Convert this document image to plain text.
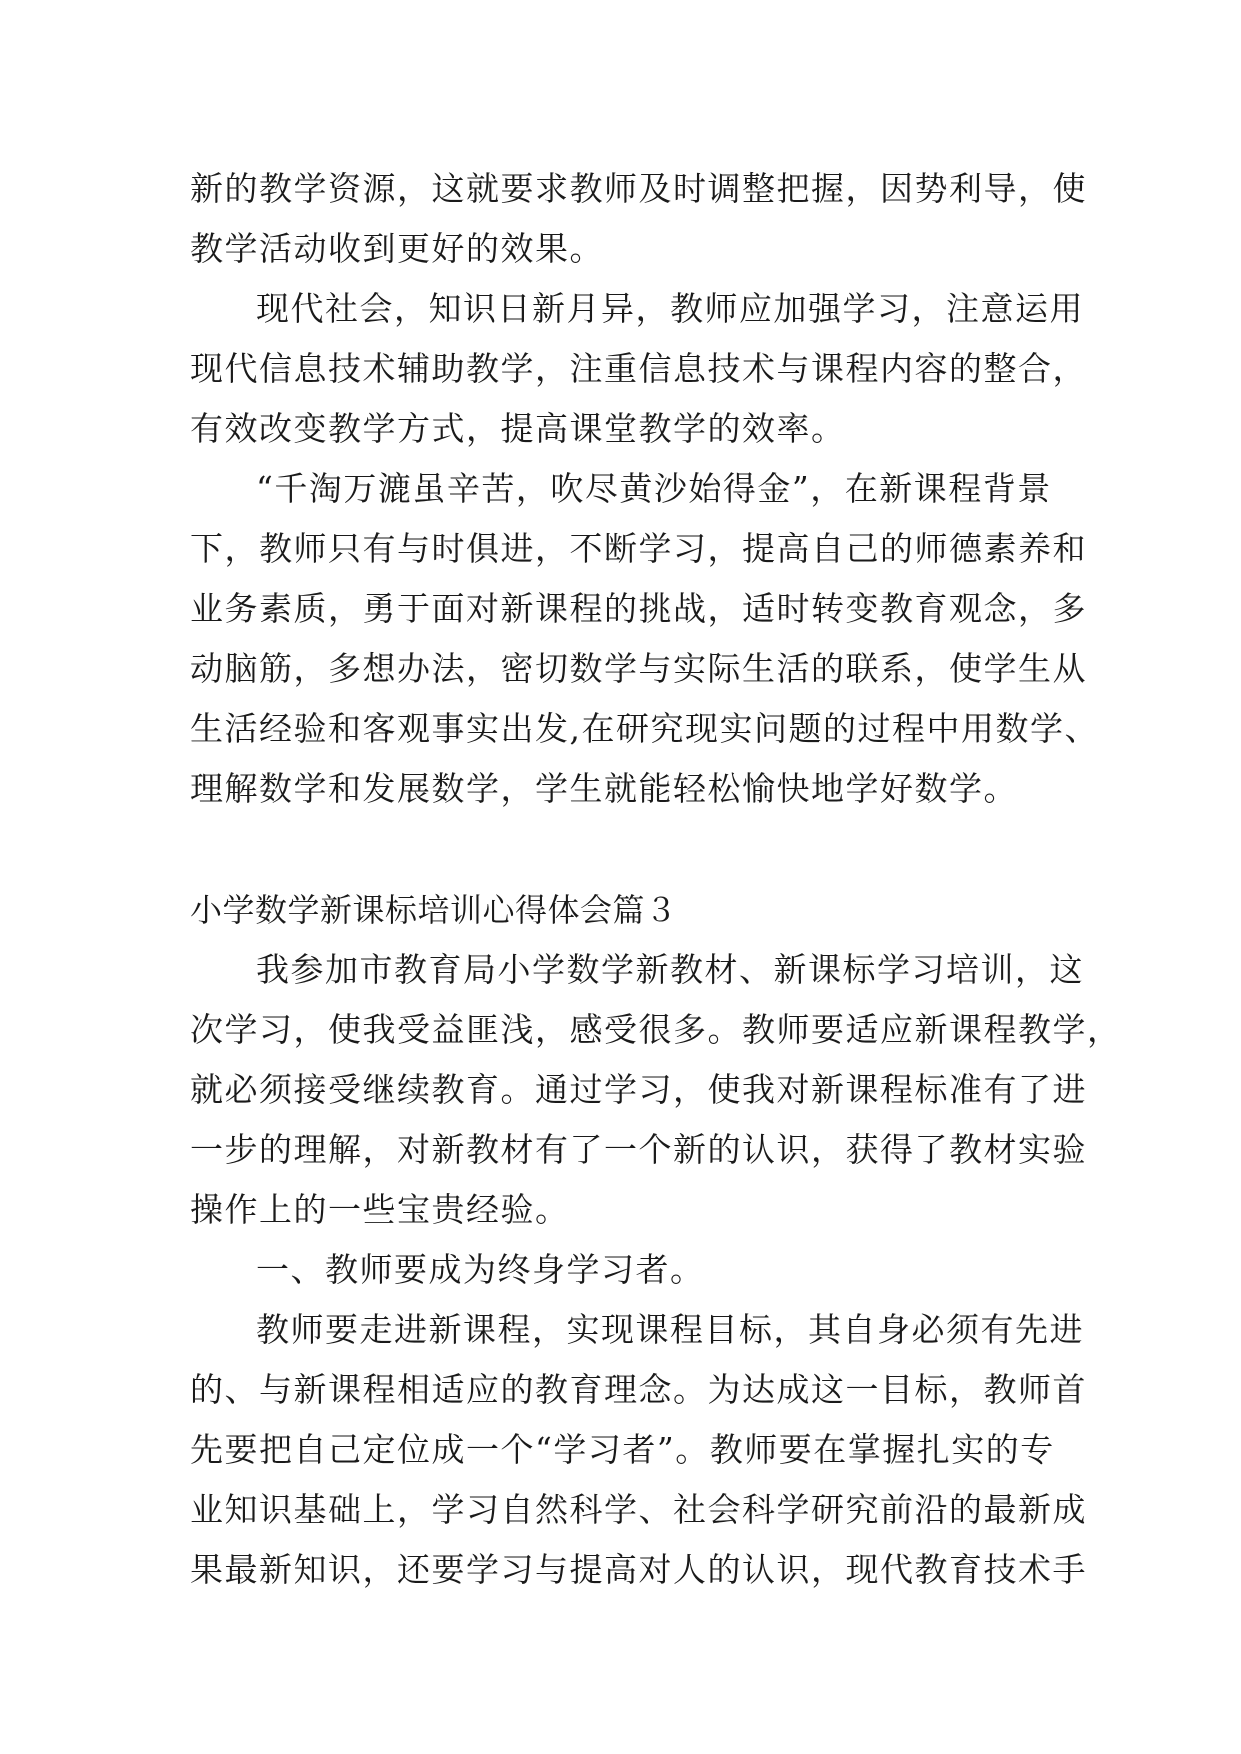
新的教学资源，这就要求教师及时调整把握，因势利导，使
教学活动收到更好的效果。
现代社会，知识日新月异，教师应加强学习，注意运用
现代信息技术辅助教学，注重信息技术与课程内容的整合，
有效改变教学方式，提高课堂教学的效率。
“千淘万漉虽辛苦，吹尽黄沙始得金”，在新课程背景
下，教师只有与时俱进，不断学习，提高自己的师德素养和
业务素质，勇于面对新课程的挑战，适时转变教育观念，多
动脑筋，多想办法，密切数学与实际生活的联系，使学生从
生活经验和客观事实出发,在研究现实问题的过程中用数学、
理解数学和发展数学，学生就能轻松愉快地学好数学。
小学数学新课标培训心得体会篇３
我参加市教育局小学数学新教材、新课标学习培训，这
次学习，使我受益匪浅，感受很多。教师要适应新课程教学，
就必须接受继续教育。通过学习，使我对新课程标准有了进
一步的理解，对新教材有了一个新的认识，获得了教材实验
操作上的一些宝贵经验。
一、教师要成为终身学习者。
教师要走进新课程，实现课程目标，其自身必须有先进
的、与新课程相适应的教育理念。为达成这一目标，教师首
先要把自己定位成一个“学习者”。教师要在掌握扎实的专
业知识基础上，学习自然科学、社会科学研究前沿的最新成
果最新知识，还要学习与提高对人的认识，现代教育技术手
